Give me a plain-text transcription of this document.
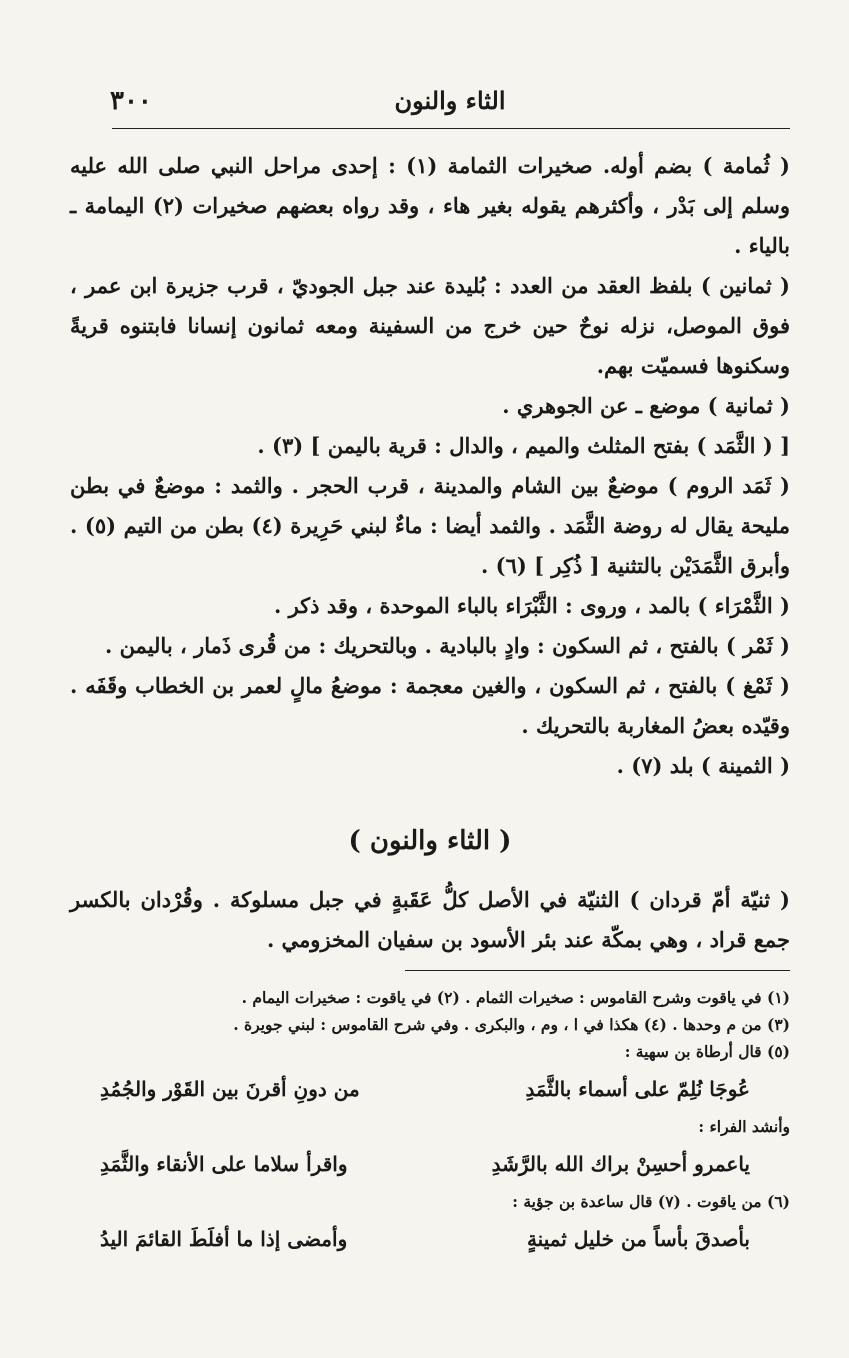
٣٠٠	الثاء والنون

( ثُمامة ) بضم أوله. صخيرات الثمامة (١) : إحدى مراحل النبي صلى الله عليه وسلم إلى بَدْر ، وأكثرهم يقوله بغير هاء ، وقد رواه بعضهم صخيرات (٢) اليمامة ـ بالياء .

( ثمانين ) بلفظ العقد من العدد : بُليدة عند جبل الجوديّ ، قرب جزيرة ابن عمر ، فوق الموصل، نزله نوحٌ حين خرج من السفينة ومعه ثمانون إنسانا فابتنوه قريةً وسكنوها فسميّت بهم.

( ثمانية ) موضع ـ عن الجوهري .

[ ( الثَّمَد ) بفتح المثلث والميم ، والدال : قرية باليمن ] (٣) .

( ثَمَد الروم ) موضعٌ بين الشام والمدينة ، قرب الحجر . والثمد : موضعٌ في بطن مليحة يقال له روضة الثَّمَد . والثمد أيضا : ماءٌ لبني حَرِيرة (٤) بطن من التيم (٥) . وأبرق الثَّمَدَيْن بالتثنية [ ذُكِر ] (٦) .

( الثَّمْرَاء ) بالمد ، وروى : الثَّبْرَاء بالباء الموحدة ، وقد ذكر .

( ثَمْر ) بالفتح ، ثم السكون : وادٍ بالبادية . وبالتحريك : من قُرى ذَمار ، باليمن .

( ثَمْغ ) بالفتح ، ثم السكون ، والغين معجمة : موضعُ مالٍ لعمر بن الخطاب وقَفَه . وقيّده بعضُ المغاربة بالتحريك .

( الثمينة ) بلد (٧) .

( الثاء والنون )
( ثنيّة أمّ قردان ) الثنيّة في الأصل كلُّ عَقَبةٍ في جبل مسلوكة . وقُرْدان بالكسر جمع قراد ، وهي بمكّة عند بئر الأسود بن سفيان المخزومي .

(١) في ياقوت وشرح القاموس : صخيرات الثمام . (٢) في ياقوت : صخيرات اليمام .

(٣) من م وحدها . (٤) هكذا في ا ، وم ، والبكرى . وفي شرح القاموس : لبني جويرة .

(٥) قال أرطاة بن سهية :

عُوجَا نُلِمّ على أسماء بالثَّمَدِ
من دونِ أقرنَ بين القَوْر والجُمُدِ

وأنشد الفراء :

ياعمرو أحسِنْ براك الله بالرَّشَدِ
واقرأ سلاما على الأنقاء والثَّمَدِ

(٦) من ياقوت . (٧) قال ساعدة بن جؤية :

بأصدقَ بأساً من خليل ثمينةٍ
وأمضى إذا ما أفلَطَ القائمَ اليدُ
